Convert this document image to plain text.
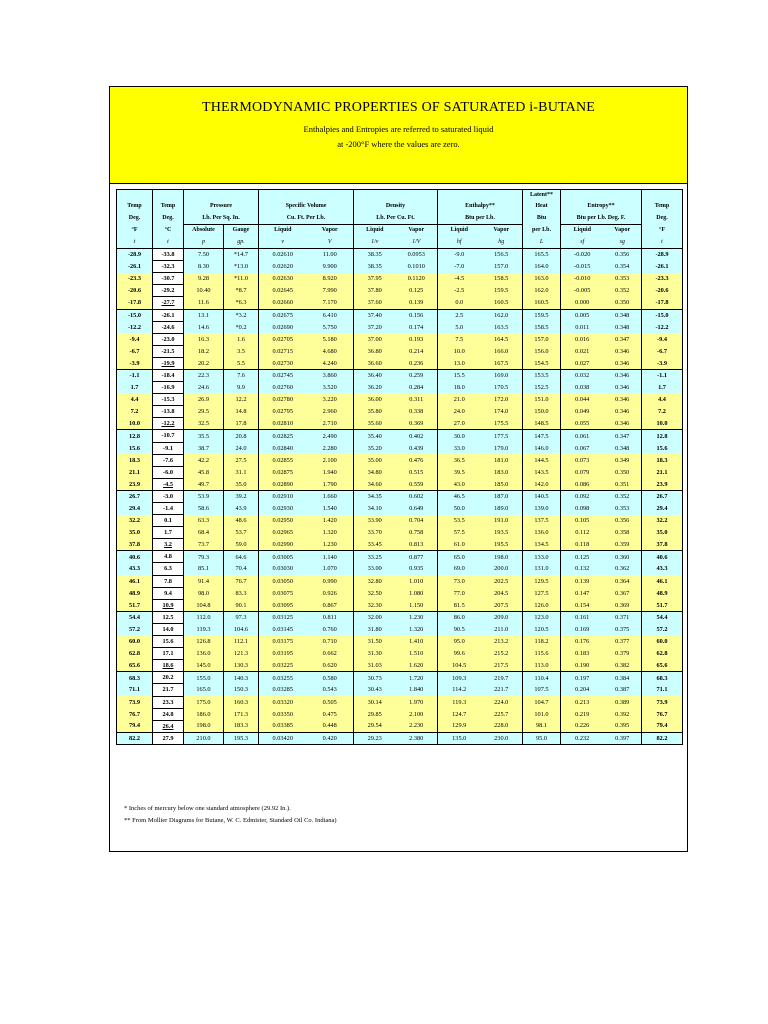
THERMODYNAMIC PROPERTIES OF SATURATED i-BUTANE
Enthalpies and Entropies are referred to saturated liquid
at -200°F where the values are zero.
										Latent**			
Temp	Temp	Pressure		Specific Volume		Density		Enthalpy**		Heat	Entropy**		Temp
Deg.	Deg.	Lb. Per Sq. In.		Cu. Ft. Per Lb.		Lb. Per Cu. Ft.		Btu per Lb.		Btu	Btu per Lb. Deg. F.		Deg.
°F	°C	Absolute	Gauge	Liquid	Vapor	Liquid	Vapor	Liquid	Vapor	per Lb.	Liquid	Vapor	°F
t	t	p	gp.	v	V	1/v	1/V	hf	hg	L	sf	sg	t
-28.9	-33.8	7.50	*14.7	0.02610	11.00	38.35	0.0953	-9.0	156.5	165.5	-0.020	0.356	-28.9
-26.1	-32.3	8.30	*13.0	0.02620	9.900	38.35	0.1010	-7.0	157.0	164.0	-0.015	0.354	-26.1
-23.3	-30.7	9.28	*11.0	0.02630	8.920	37.95	0.1120	-4.5	158.5	163.0	-0.010	0.353	-23.3
-20.6	-29.2	10.40	*8.7	0.02645	7.990	37.80	0.125	-2.5	159.5	162.0	-0.005	0.352	-20.6
-17.8	-27.7	11.6	*6.3	0.02660	7.170	37.60	0.139	0.0	160.5	160.5	0.000	0.350	-17.8
-15.0	-26.1	13.1	*3.2	0.02675	6.410	37.40	0.156	2.5	162.0	159.5	0.005	0.348	-15.0
-12.2	-24.6	14.6	*0.2	0.02690	5.750	37.20	0.174	5.0	163.5	158.5	0.011	0.348	-12.2
-9.4	-23.0	16.3	1.6	0.02705	5.180	37.00	0.193	7.5	164.5	157.0	0.016	0.347	-9.4
-6.7	-21.5	18.2	3.5	0.02715	4.680	36.80	0.214	10.0	166.0	156.0	0.021	0.346	-6.7
-3.9	-19.9	20.2	5.5	0.02730	4.240	36.60	0.236	13.0	167.5	154.5	0.027	0.346	-3.9
-1.1	-18.4	22.3	7.6	0.02745	3.860	36.40	0.259	15.5	169.0	153.5	0.032	0.346	-1.1
1.7	-16.9	24.6	9.9	0.02760	3.520	36.20	0.284	18.0	170.5	152.5	0.038	0.346	1.7
4.4	-15.3	26.9	12.2	0.02780	3.220	36.00	0.311	21.0	172.0	151.0	0.044	0.346	4.4
7.2	-13.8	29.5	14.8	0.02795	2.960	35.80	0.338	24.0	174.0	150.0	0.049	0.346	7.2
10.0	-12.2	32.5	17.8	0.02810	2.710	35.60	0.369	27.0	175.5	148.5	0.055	0.346	10.0
12.8	-10.7	35.5	20.8	0.02825	2.490	35.40	0.402	30.0	177.5	147.5	0.061	0.347	12.8
15.6	-9.1	38.7	24.0	0.02840	2.280	35.20	0.439	33.0	179.0	146.0	0.067	0.348	15.6
18.3	-7.6	42.2	27.5	0.02855	2.100	35.00	0.476	36.5	181.0	144.5	0.073	0.349	18.3
21.1	-6.0	45.8	31.1	0.02875	1.940	34.80	0.515	39.5	183.0	143.5	0.079	0.350	21.1
23.9	-4.5	49.7	35.0	0.02890	1.790	34.60	0.559	43.0	185.0	142.0	0.086	0.351	23.9
26.7	-3.0	53.9	39.2	0.02910	1.660	34.35	0.602	46.5	187.0	140.5	0.092	0.352	26.7
29.4	-1.4	58.6	43.9	0.02930	1.540	34.10	0.649	50.0	189.0	139.0	0.098	0.353	29.4
32.2	0.1	63.3	48.6	0.02950	1.420	33.90	0.704	53.5	191.0	137.5	0.105	0.356	32.2
35.0	1.7	68.4	53.7	0.02965	1.320	33.70	0.758	57.5	193.5	136.0	0.112	0.358	35.0
37.8	3.2	73.7	59.0	0.02990	1.230	33.45	0.813	61.0	195.5	134.5	0.118	0.359	37.8
40.6	4.8	79.3	64.6	0.03005	1.140	33.25	0.877	65.0	198.0	133.0	0.125	0.360	40.6
43.3	6.3	85.1	70.4	0.03030	1.070	33.00	0.935	69.0	200.0	131.0	0.132	0.362	43.3
46.1	7.8	91.4	76.7	0.03050	0.990	32.80	1.010	73.0	202.5	129.5	0.139	0.364	46.1
48.9	9.4	98.0	83.3	0.03075	0.926	32.50	1.080	77.0	204.5	127.5	0.147	0.367	48.9
51.7	10.9	104.8	90.1	0.03095	0.867	32.30	1.150	81.5	207.5	126.0	0.154	0.369	51.7
54.4	12.5	112.0	97.3	0.03125	0.811	32.00	1.230	86.0	209.0	123.0	0.161	0.371	54.4
57.2	14.0	119.3	104.6	0.03145	0.760	31.80	1.320	90.5	211.0	120.5	0.169	0.375	57.2
60.0	15.6	126.8	112.1	0.03175	0.710	31.50	1.410	95.0	213.2	118.2	0.176	0.377	60.0
62.8	17.1	136.0	121.3	0.03195	0.662	31.30	1.510	99.6	215.2	115.6	0.183	0.379	62.8
65.6	18.6	145.0	130.3	0.03225	0.620	31.03	1.620	104.5	217.5	113.0	0.190	0.382	65.6
68.3	20.2	155.0	140.3	0.03255	0.580	30.73	1.720	109.3	219.7	110.4	0.197	0.384	68.3
71.1	21.7	165.0	150.3	0.03285	0.543	30.43	1.840	114.2	221.7	107.5	0.204	0.387	71.1
73.9	23.3	175.0	160.3	0.03320	0.505	30.14	1.970	119.3	224.0	104.7	0.213	0.389	73.9
76.7	24.8	186.0	171.3	0.03350	0.475	29.85	2.100	124.7	225.7	101.0	0.219	0.392	76.7
79.4	26.4	198.0	183.3	0.03385	0.448	29.54	2.230	129.9	228.0	98.1	0.226	0.395	79.4
82.2	27.9	210.0	195.3	0.03420	0.420	29.23	2.380	135.0	230.0	95.0	0.232	0.397	82.2
* Inches of mercury below one standard atmosphere (29.92 In.).
** From Mollier Diagrams for Butane, W. C. Edmister, Standard Oil Co. Indiana)
